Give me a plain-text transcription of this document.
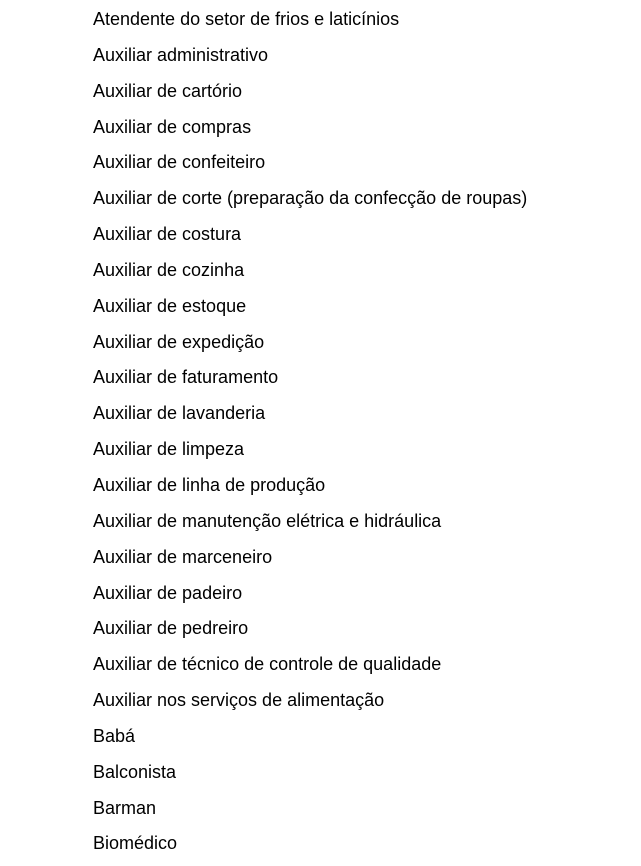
Atendente do setor de frios e laticínios
Auxiliar administrativo
Auxiliar de cartório
Auxiliar de compras
Auxiliar de confeiteiro
Auxiliar de corte (preparação da confecção de roupas)
Auxiliar de costura
Auxiliar de cozinha
Auxiliar de estoque
Auxiliar de expedição
Auxiliar de faturamento
Auxiliar de lavanderia
Auxiliar de limpeza
Auxiliar de linha de produção
Auxiliar de manutenção elétrica e hidráulica
Auxiliar de marceneiro
Auxiliar de padeiro
Auxiliar de pedreiro
Auxiliar de técnico de controle de qualidade
Auxiliar nos serviços de alimentação
Babá
Balconista
Barman
Biomédico
